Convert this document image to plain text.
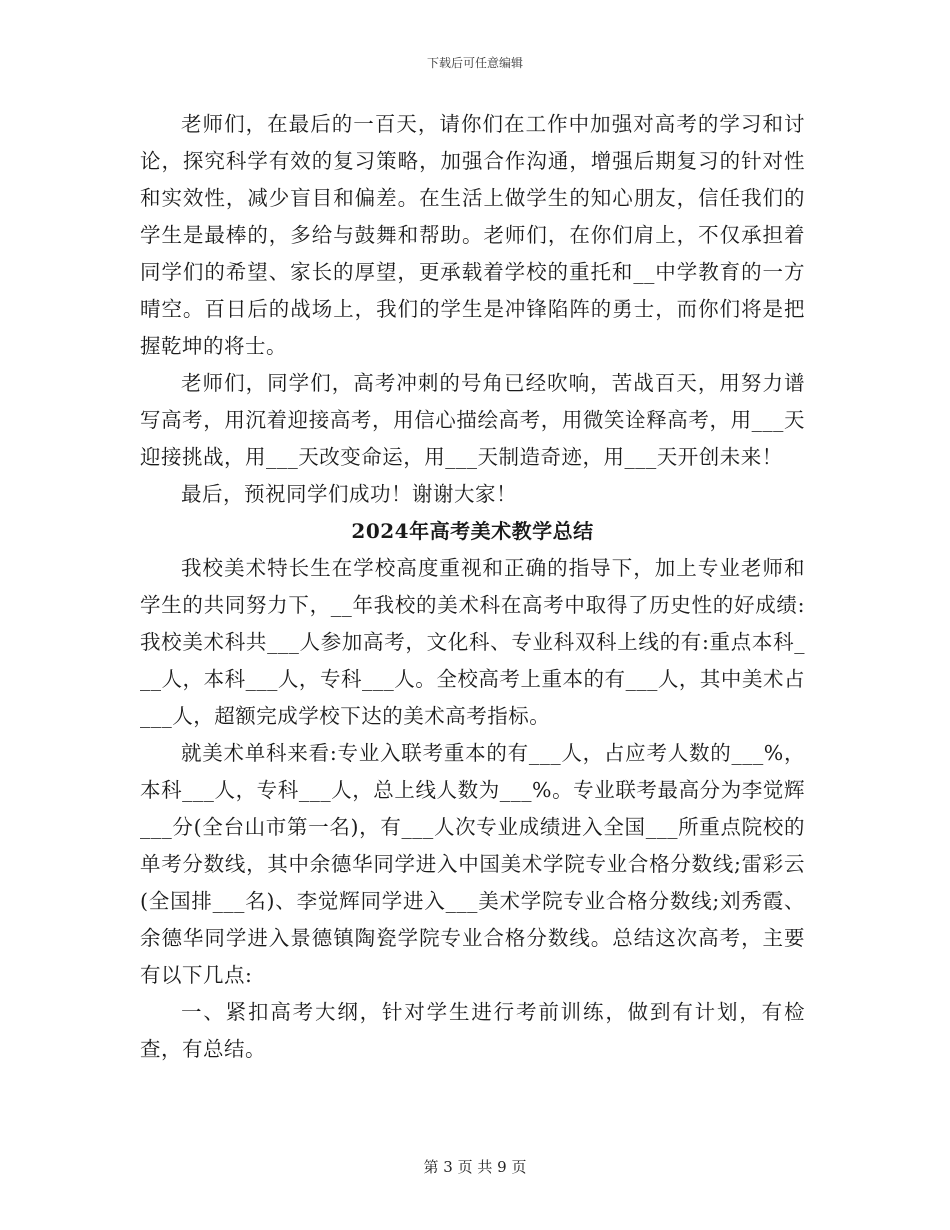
下载后可任意编辑

老师们，在最后的一百天，请你们在工作中加强对高考的学习和讨论，探究科学有效的复习策略，加强合作沟通，增强后期复习的针对性和实效性，减少盲目和偏差。在生活上做学生的知心朋友，信任我们的学生是最棒的，多给与鼓舞和帮助。老师们，在你们肩上，不仅承担着同学们的希望、家长的厚望，更承载着学校的重托和__中学教育的一方晴空。百日后的战场上，我们的学生是冲锋陷阵的勇士，而你们将是把握乾坤的将士。

老师们，同学们，高考冲刺的号角已经吹响，苦战百天，用努力谱写高考，用沉着迎接高考，用信心描绘高考，用微笑诠释高考，用___天迎接挑战，用___天改变命运，用___天制造奇迹，用___天开创未来！

最后，预祝同学们成功！谢谢大家！

2024年高考美术教学总结

我校美术特长生在学校高度重视和正确的指导下，加上专业老师和学生的共同努力下，__年我校的美术科在高考中取得了历史性的好成绩:我校美术科共___人参加高考，文化科、专业科双科上线的有:重点本科___人，本科___人，专科___人。全校高考上重本的有___人，其中美术占___人，超额完成学校下达的美术高考指标。

就美术单科来看:专业入联考重本的有___人，占应考人数的___%，本科___人，专科___人，总上线人数为___%。专业联考最高分为李觉辉___分(全台山市第一名)，有___人次专业成绩进入全国___所重点院校的单考分数线，其中余德华同学进入中国美术学院专业合格分数线;雷彩云(全国排___名)、李觉辉同学进入___美术学院专业合格分数线;刘秀霞、余德华同学进入景德镇陶瓷学院专业合格分数线。总结这次高考，主要有以下几点:

一、紧扣高考大纲，针对学生进行考前训练，做到有计划，有检查，有总结。

第 3 页 共 9 页
